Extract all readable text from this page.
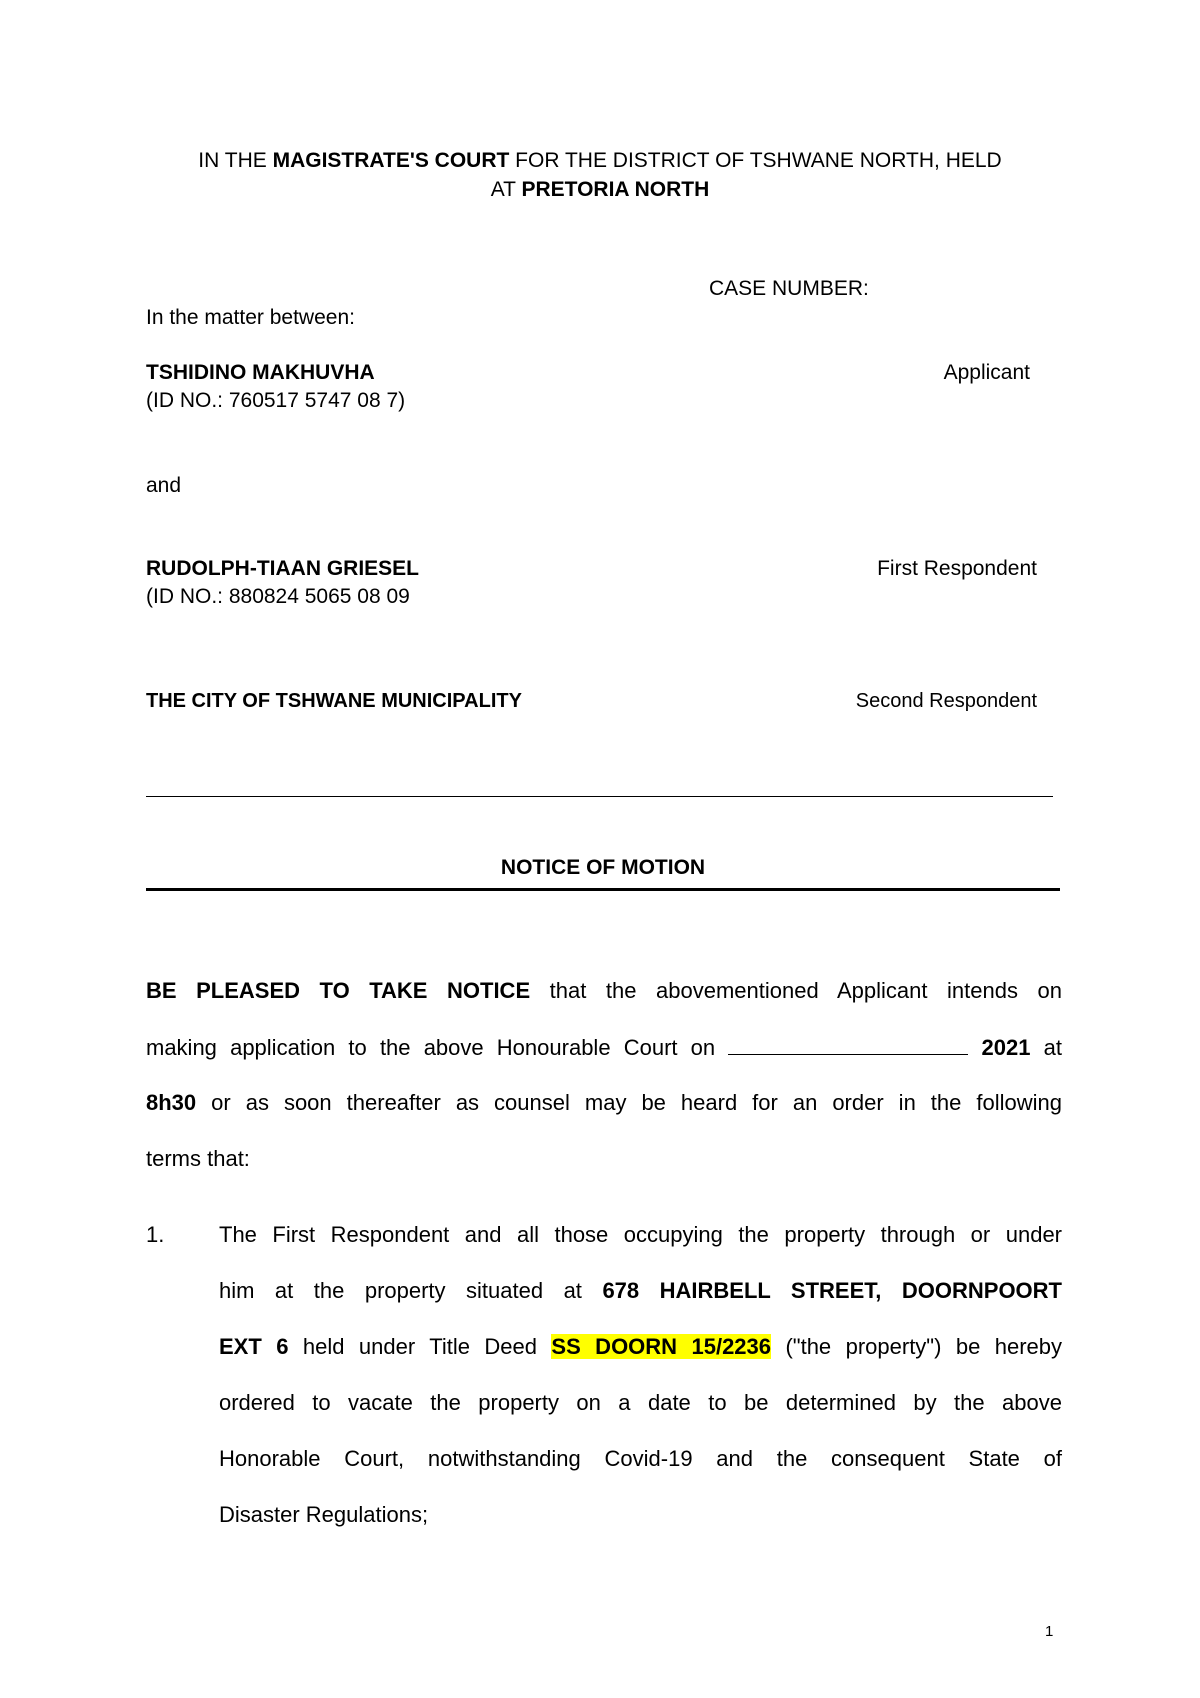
IN THE MAGISTRATE'S COURT FOR THE DISTRICT OF TSHWANE NORTH, HELD
AT PRETORIA NORTH
CASE NUMBER:
In the matter between:
TSHIDINO MAKHUVHA	Applicant
(ID NO.: 760517 5747 08 7)
and
RUDOLPH-TIAAN GRIESEL	First Respondent
(ID NO.: 880824 5065 08 09
THE CITY OF TSHWANE MUNICIPALITY	Second Respondent
NOTICE OF MOTION
BE PLEASED TO TAKE NOTICE that the abovementioned Applicant intends on
making application to the above Honourable Court on	2021 at
8h30 or as soon thereafter as counsel may be heard for an order in the following
terms that:
1. The First Respondent and all those occupying the property through or under
him at the property situated at 678 HAIRBELL STREET, DOORNPOORT
EXT 6 held under Title Deed SS DOORN 15/2236 ("the property") be hereby
ordered to vacate the property on a date to be determined by the above
Honorable Court, notwithstanding Covid-19 and the consequent State of
Disaster Regulations;
1
